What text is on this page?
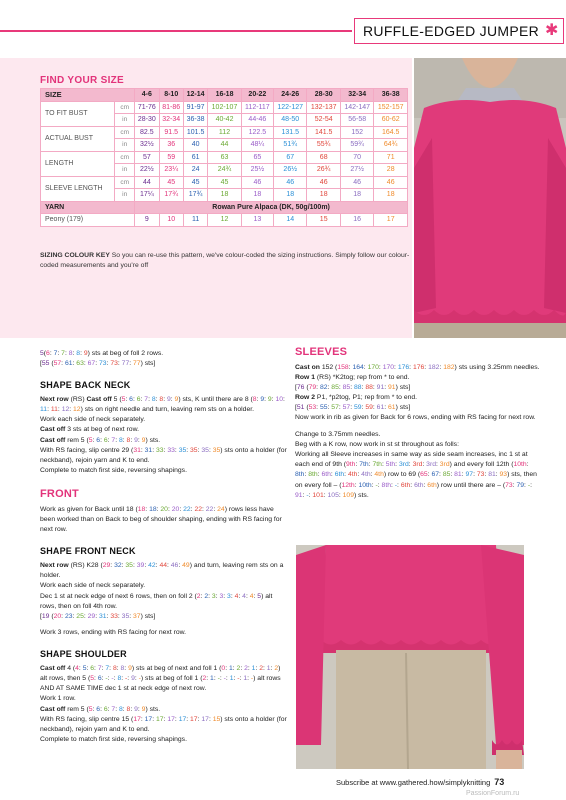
RUFFLE-EDGED JUMPER ✱
FIND YOUR SIZE
SIZE		4-6	8-10	12-14	16-18	20-22	24-26	28-30	32-34	36-38
TO FIT BUST	cm	71-76	81-86	91-97	102-107	112-117	122-127	132-137	142-147	152-157
	in	28-30	32-34	36-38	40-42	44-46	48-50	52-54	56-58	60-62
ACTUAL BUST	cm	82.5	91.5	101.5	112	122.5	131.5	141.5	152	164.5
	in	32½	36	40	44	48¼	51¾	55¾	59¾	64¾
LENGTH	cm	57	59	61	63	65	67	68	70	71
	in	22½	23¼	24	24¾	25½	26½	26¾	27½	28
SLEEVE LENGTH	cm	44	45	45	45	46	46	46	46	46
	in	17¼	17¾	17¾	18	18	18	18	18	18
YARN		Rowan Pure Alpaca (DK, 50g/100m)								
Peony (179)		9	10	11	12	13	14	15	16	17
SIZING COLOUR KEY So you can re-use this pattern, we've colour-coded the sizing instructions. Simply follow our colour-coded measurements and you're off

5(6: 7: 7: 8: 8: 9) sts at beg of foll 2 rows.

[55 (57: 61: 63: 67: 73: 73: 77: 77) sts]

SHAPE BACK NECK

Next row (RS) Cast off 5 (5: 6: 6: 7: 8: 8: 9: 9) sts, K until there are 8 (8: 9: 9: 10: 11: 11: 12: 12) sts on right needle and turn, leaving rem sts on a holder.

Work each side of neck separately.

Cast off 3 sts at beg of next row.

Cast off rem 5 (5: 6: 6: 7: 8: 8: 9: 9) sts.

With RS facing, slip centre 29 (31: 31: 33: 33: 35: 35: 35: 35) sts onto a holder (for neckband), rejoin yarn and K to end.

Complete to match first side, reversing shapings.

FRONT

Work as given for Back until 18 (18: 18: 20: 20: 22: 22: 22: 24) rows less have been worked than on Back to beg of shoulder shaping, ending with RS facing for next row.

SHAPE FRONT NECK

Next row (RS) K28 (29: 32: 35: 39: 42: 44: 46: 49) and turn, leaving rem sts on a holder.

Work each side of neck separately.

Dec 1 st at neck edge of next 6 rows, then on foll 2 (2: 2: 3: 3: 3: 4: 4: 4: 5) alt rows, then on foll 4th row.

[19 (20: 23: 25: 29: 31: 33: 35: 37) sts]

Work 3 rows, ending with RS facing for next row.

SHAPE SHOULDER

Cast off 4 (4: 5: 6: 7: 7: 8: 8: 9) sts at beg of next and foll 1 (0: 1: 2: 2: 1: 2: 1: 2) alt rows, then 5 (5: 6: -: -: 8: -: 9: -) sts at beg of foll 1 (2: 1: -: -: 1: -: 1: -) alt rows AND AT SAME TIME dec 1 st at neck edge of next row.

Work 1 row.

Cast off rem 5 (5: 6: 6: 7: 8: 8: 9: 9) sts.

With RS facing, slip centre 15 (17: 17: 17: 17: 17: 17: 17: 15) sts onto a holder (for neckband), rejoin yarn and K to end.

Complete to match first side, reversing shapings.

SLEEVES

Cast on 152 (158: 164: 170: 170: 176: 176: 182: 182) sts using 3.25mm needles.

Row 1 (RS) *K2tog; rep from * to end.

[76 (79: 82: 85: 85: 88: 88: 91: 91) sts]

Row 2 P1, *p2tog, P1; rep from * to end.

[51 (53: 55: 57: 57: 59: 59: 61: 61) sts]

Now work in rib as given for Back for 6 rows, ending with RS facing for next row.

Change to 3.75mm needles.

Beg with a K row, now work in st st throughout as folls:

Working all Sleeve increases in same way as side seam increases, inc 1 st at each end of 9th (9th: 7th: 7th: 5th: 3rd: 3rd: 3rd: 3rd) and every foll 12th (10th: 8th: 8th: 6th: 6th: 4th: 4th: 4th) row to 69 (65: 67: 85: 81: 97: 73: 81: 93) sts, then on every foll – (12th: 10th: -: 8th: -: 6th: 6th: 6th) row until there are – (73: 79: -: 91: -: 101: 105: 109) sts.

Subscribe at www.gathered.how/simplyknitting 73
PassionForum.ru
